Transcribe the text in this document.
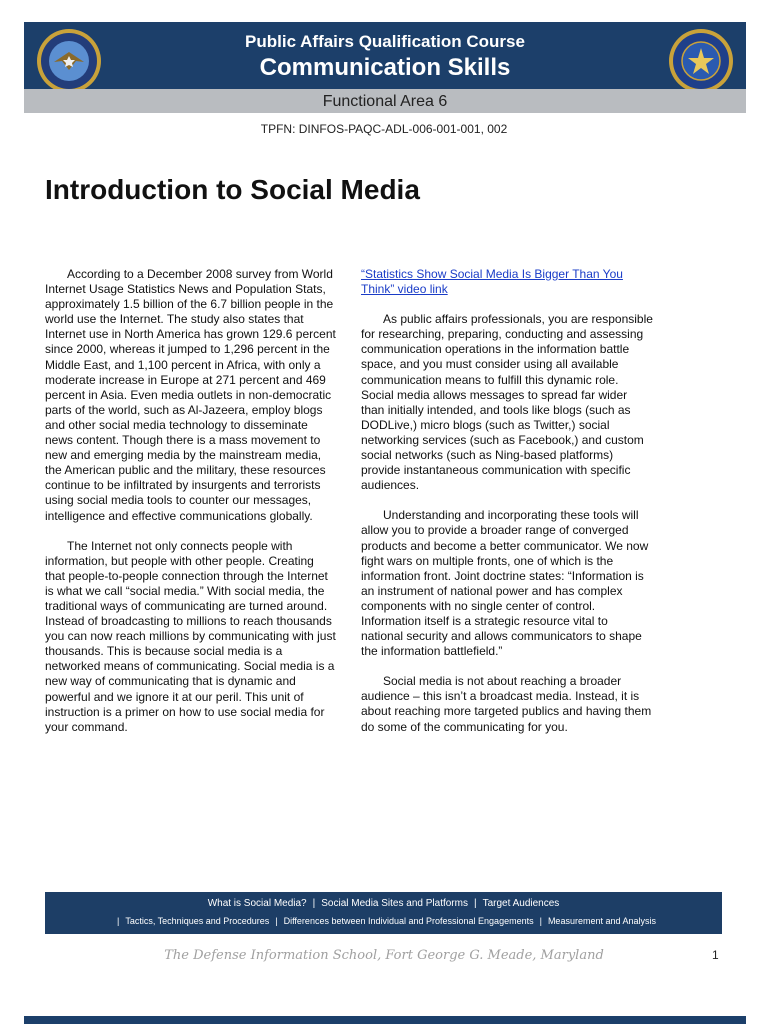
Public Affairs Qualification Course
Communication Skills
Functional Area 6
TPFN: DINFOS-PAQC-ADL-006-001-001, 002
Introduction to Social Media

According to a December 2008 survey from World Internet Usage Statistics News and Population Stats, approximately 1.5 billion of the 6.7 billion people in the world use the Internet. The study also states that Internet use in North America has grown 129.6 percent since 2000, whereas it jumped to 1,296 percent in the Middle East, and 1,100 percent in Africa, with only a moderate increase in Europe at 271 percent and 469 percent in Asia. Even media outlets in non-democratic parts of the world, such as Al-Jazeera, employ blogs and other social media technology to disseminate news content. Though there is a mass movement to new and emerging media by the mainstream media, the American public and the military, these resources continue to be infiltrated by insurgents and terrorists using social media tools to counter our messages, intelligence and effective communications globally.

The Internet not only connects people with information, but people with other people. Creating that people-to-people connection through the Internet is what we call “social media.” With social media, the traditional ways of communicating are turned around. Instead of broadcasting to millions to reach thousands you can now reach millions by communicating with just thousands. This is because social media is a networked means of communicating. Social media is a new way of communicating that is dynamic and powerful and we ignore it at our peril. This unit of instruction is a primer on how to use social media for your command.

“Statistics Show Social Media Is Bigger Than You Think” video link

As public affairs professionals, you are responsible for researching, preparing, conducting and assessing communication operations in the information battle space, and you must consider using all available communication means to fulfill this dynamic role. Social media allows messages to spread far wider than initially intended, and tools like blogs (such as DODLive,) micro blogs (such as Twitter,) social networking services (such as Facebook,) and custom social networks (such as Ning-based platforms) provide instantaneous communication with specific audiences.

Understanding and incorporating these tools will allow you to provide a broader range of converged products and become a better communicator. We now fight wars on multiple fronts, one of which is the information front. Joint doctrine states: “Information is an instrument of national power and has complex components with no single center of control. Information itself is a strategic resource vital to national security and allows communicators to shape the information battlefield.”

Social media is not about reaching a broader audience – this isn’t a broadcast media. Instead, it is about reaching more targeted publics and having them do some of the communicating for you.

What is Social Media? | Social Media Sites and Platforms | Target Audiences
| Tactics, Techniques and Procedures | Differences between Individual and Professional Engagements | Measurement and Analysis
The Defense Information School, Fort George G. Meade, Maryland	1
